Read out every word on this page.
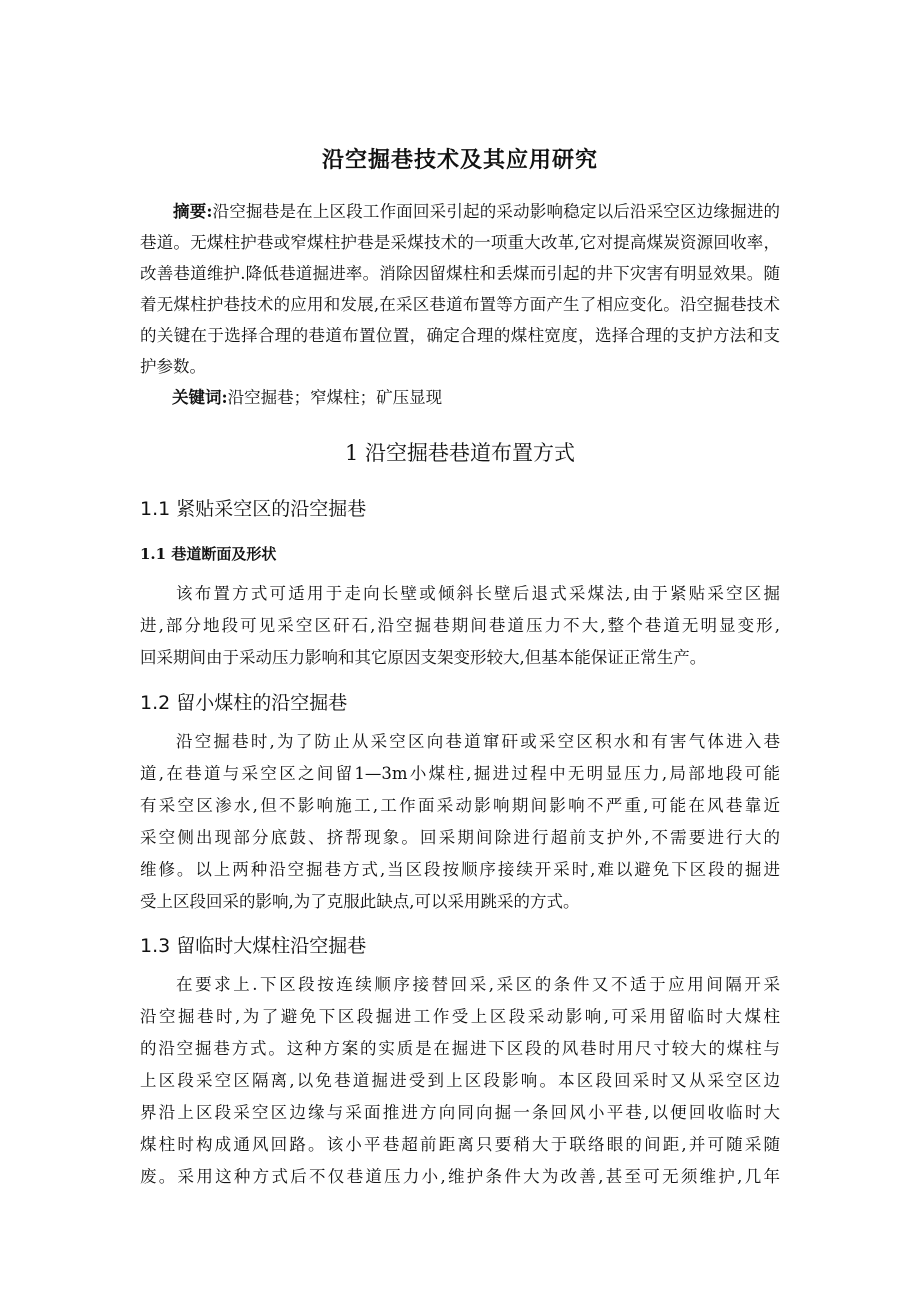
沿空掘巷技术及其应用研究

摘要:沿空掘巷是在上区段工作面回采引起的采动影响稳定以后沿采空区边缘掘进的巷道。无煤柱护巷或窄煤柱护巷是采煤技术的一项重大改革,它对提高煤炭资源回收率，改善巷道维护.降低巷道掘进率。消除因留煤柱和丢煤而引起的井下灾害有明显效果。随着无煤柱护巷技术的应用和发展,在采区巷道布置等方面产生了相应变化。沿空掘巷技术的关键在于选择合理的巷道布置位置，确定合理的煤柱宽度，选择合理的支护方法和支护参数。

关键词:沿空掘巷；窄煤柱；矿压显现
1 沿空掘巷巷道布置方式
1.1 紧贴采空区的沿空掘巷
1.1 巷道断面及形状
该布置方式可适用于走向长壁或倾斜长壁后退式采煤法,由于紧贴采空区掘
进,部分地段可见采空区矸石,沿空掘巷期间巷道压力不大,整个巷道无明显变形,
回采期间由于采动压力影响和其它原因支架变形较大,但基本能保证正常生产。
1.2 留小煤柱的沿空掘巷
沿空掘巷时,为了防止从采空区向巷道窜矸或采空区积水和有害气体进入巷
道,在巷道与采空区之间留1—3m小煤柱,掘进过程中无明显压力,局部地段可能
有采空区渗水,但不影响施工,工作面采动影响期间影响不严重,可能在风巷靠近
采空侧出现部分底鼓、挤帮现象。回采期间除进行超前支护外,不需要进行大的
维修。以上两种沿空掘巷方式,当区段按顺序接续开采时,难以避免下区段的掘进
受上区段回采的影响,为了克服此缺点,可以采用跳采的方式。
1.3 留临时大煤柱沿空掘巷
在要求上.下区段按连续顺序接替回采,采区的条件又不适于应用间隔开采
沿空掘巷时,为了避免下区段掘进工作受上区段采动影响,可采用留临时大煤柱
的沿空掘巷方式。这种方案的实质是在掘进下区段的风巷时用尺寸较大的煤柱与
上区段采空区隔离,以免巷道掘进受到上区段影响。本区段回采时又从采空区边
界沿上区段采空区边缘与采面推进方向同向掘一条回风小平巷,以便回收临时大
煤柱时构成通风回路。该小平巷超前距离只要稍大于联络眼的间距,并可随采随
废。采用这种方式后不仅巷道压力小,维护条件大为改善,甚至可无须维护,几年
